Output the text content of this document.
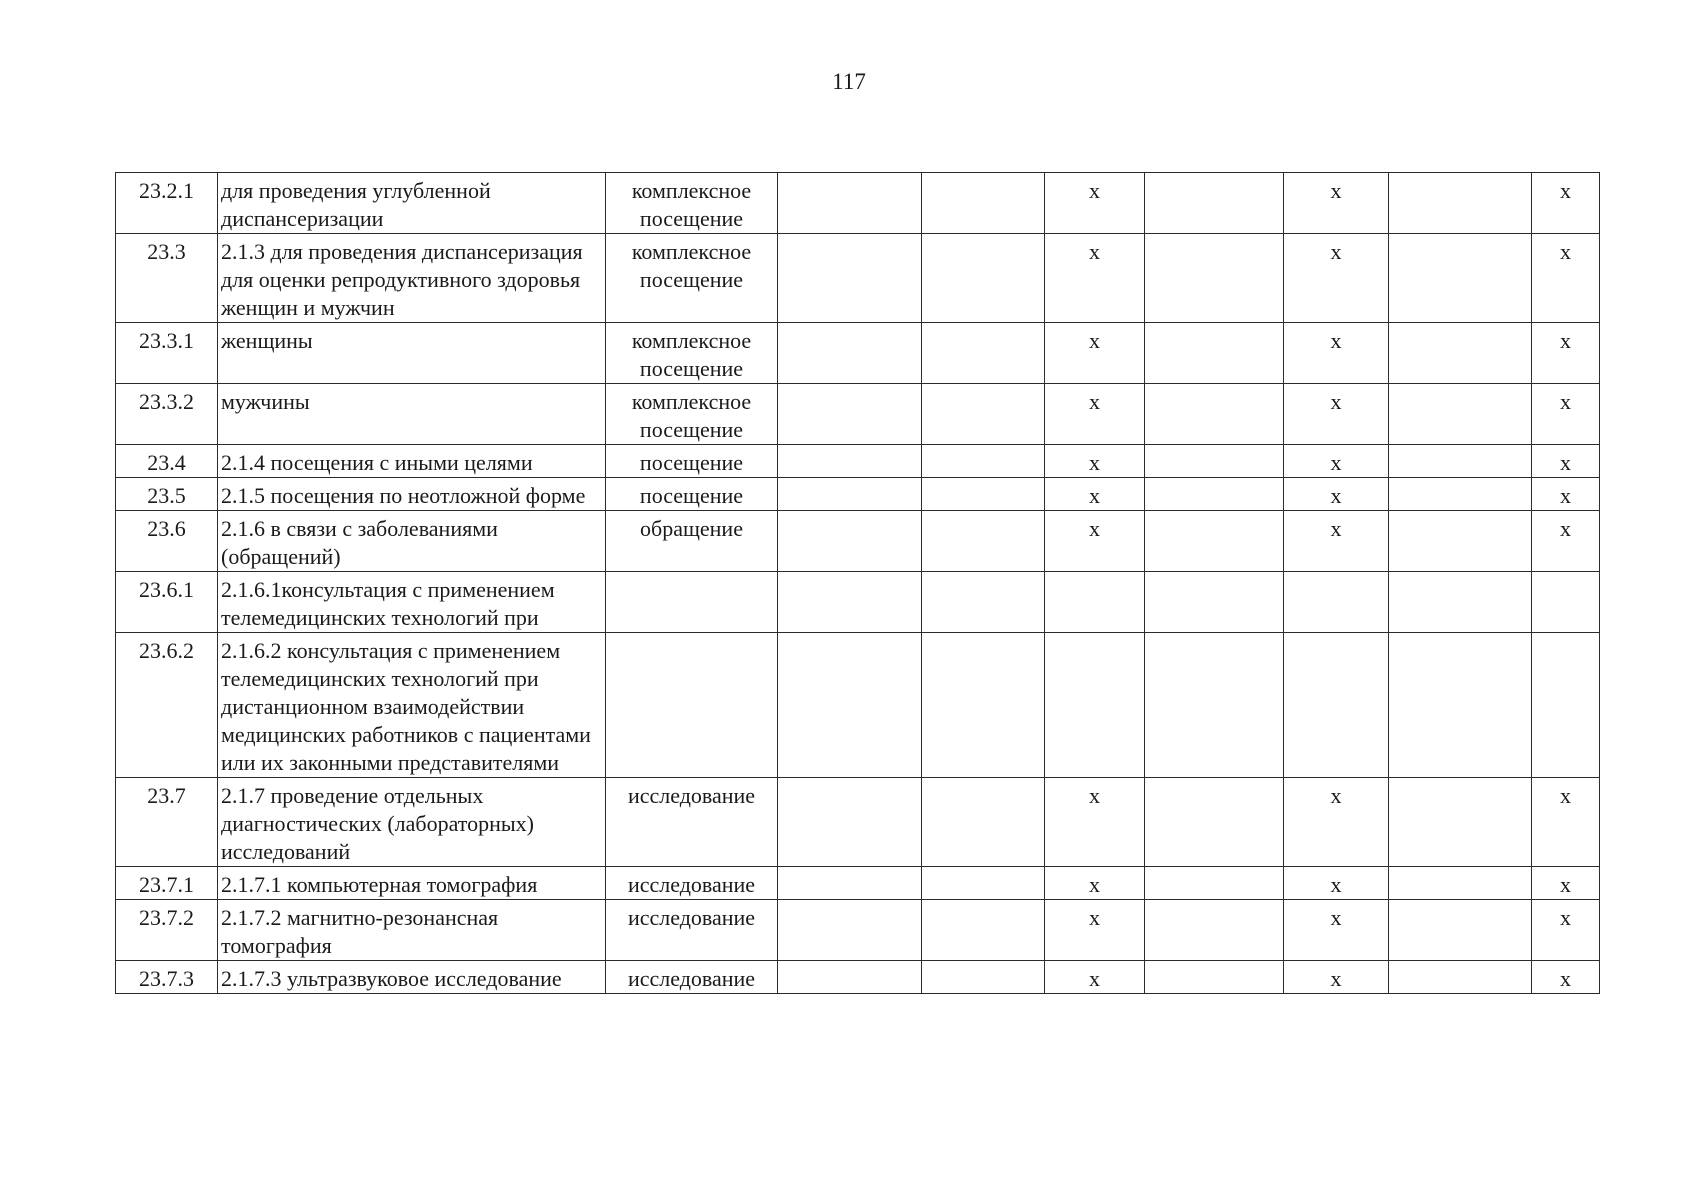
117
23.2.1	для проведения углубленной диспансеризации	комплексное посещение			х		х		х
23.3	2.1.3 для проведения диспансеризация для оценки репродуктивного здоровья женщин и мужчин	комплексное посещение			х		х		х
23.3.1	женщины	комплексное посещение			х		х		х
23.3.2	мужчины	комплексное посещение			х		х		х
23.4	2.1.4 посещения с иными целями	посещение			х		х		х
23.5	2.1.5 посещения по неотложной форме	посещение			х		х		х
23.6	2.1.6 в связи с заболеваниями (обращений)	обращение			х		х		х
23.6.1	2.1.6.1консультация с применением телемедицинских технологий при								
23.6.2	2.1.6.2 консультация с применением телемедицинских технологий при дистанционном взаимодействии медицинских работников с пациентами или их законными представителями								
23.7	2.1.7 проведение отдельных диагностических (лабораторных) исследований	исследование			х		х		х
23.7.1	2.1.7.1 компьютерная томография	исследование			х		х		х
23.7.2	2.1.7.2 магнитно-резонансная томография	исследование			х		х		х
23.7.3	2.1.7.3 ультразвуковое исследование	исследование			х		х		х
